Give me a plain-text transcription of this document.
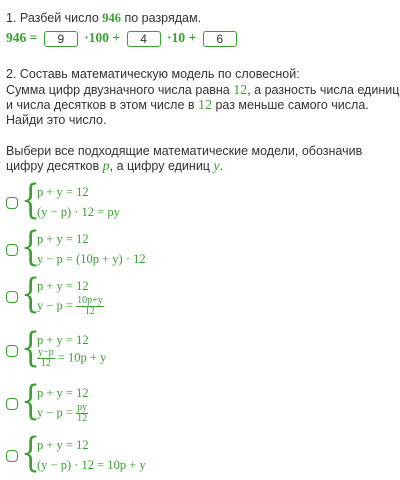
1. Разбей число 946 по разрядам.
946 = 9 ·100 + 4 ·10 + 6
2. Составь математическую модель по словесной:
Сумма цифр двузначного числа равна 12, а разность числа единиц
и числа десятков в этом числе в 12 раз меньше самого числа.
Найди это число.
Выбери все подходящие математические модели, обозначив
цифру десятков p, а цифру единиц y.
{
p + y = 12
(y − p) · 12 = py
{
p + y = 12
y − p = (10p + y) · 12
{
p + y = 12
$y - p = \frac{10p+y}{12}$
{
p + y = 12
$\frac{y-p}{12} = 10p + y$
{
p + y = 12
$y - p = \frac{py}{12}$
{
p + y = 12
(y − p) · 12 = 10p + y
